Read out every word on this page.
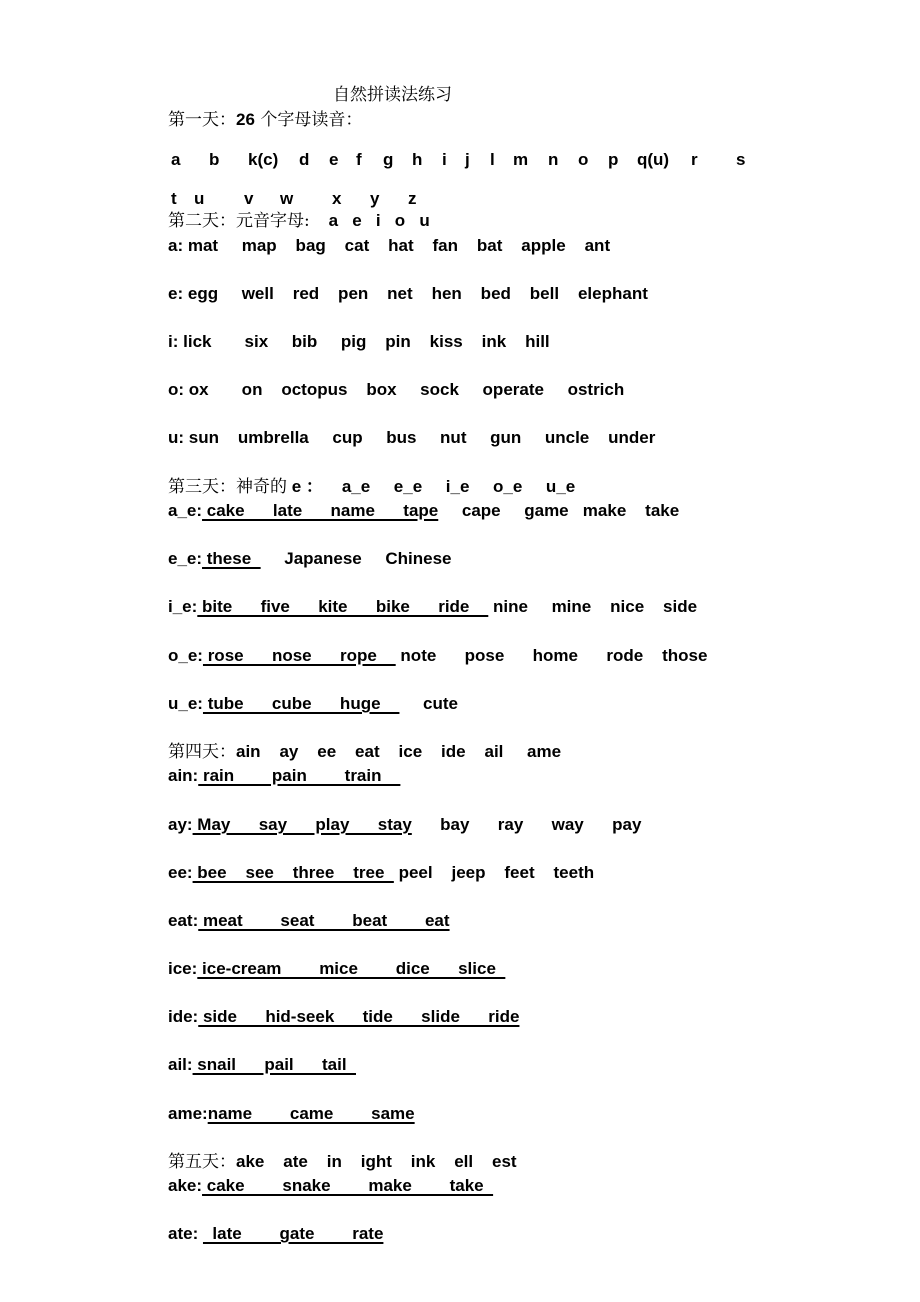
自然拼读法练习
第一天：26 个字母读音：

a

b

k(c)

d

e

f

g

h

i

j

l

m

n

o

p

q(u)

r

s

t

u

v

w

x

y

z

第二天：元音字母: a   e   i   o   u
a: mat     map    bag    cat    hat    fan    bat    apple    ant
e: egg     well    red    pen    net    hen    bed    bell    elephant
i: lick       six     bib     pig    pin    kiss    ink    hill
o: ox       on    octopus    box     sock     operate     ostrich
u: sun    umbrella     cup     bus     nut     gun     uncle    under
第三天：神奇的 e ： a_e     e_e     i_e     o_e     u_e
a_e: cake      late      name      tape     cape     game   make    take
e_e: these       Japanese     Chinese
i_e: bite      five      kite      bike      ride     nine     mine    nice    side
o_e: rose      nose      rope     note      pose      home      rode    those
u_e: tube      cube      huge         cute
第四天：ain    ay    ee    eat    ice    ide    ail     ame
ain: rain        pain        train
ay: May      say      play      stay      bay      ray      way      pay
ee: bee    see    three    tree   peel    jeep    feet    teeth
eat: meat        seat        beat        eat
ice: ice-cream        mice        dice      slice
ide: side      hid-seek      tide      slide      ride
ail: snail      pail      tail
ame:name        came        same
第五天：ake    ate    in    ight    ink    ell    est
ake: cake        snake        make        take
ate:   late        gate        rate
